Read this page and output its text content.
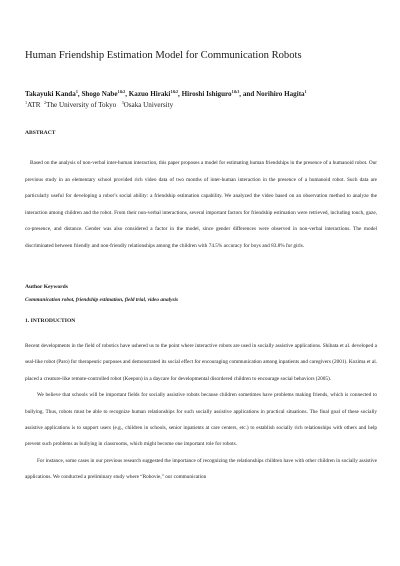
Human Friendship Estimation Model for Communication Robots
Takayuki Kanda$^1$, Shogo Nabe$^{1\&2}$, Kazuo Hiraki$^{1\&2}$, Hiroshi Ishiguro$^{1\&3}$, and Norihiro Hagita$^1$
$^1$ATR $^2$The University of Tokyo $^3$Osaka University
ABSTRACT

Based on the analysis of non-verbal inter-human interaction, this paper proposes a model for estimating human friendships in the presence of a humanoid robot. Our previous study in an elementary school provided rich video data of two months of inter-human interaction in the presence of a humanoid robot. Such data are particularly useful for developing a robot’s social ability: a friendship estimation capability. We analyzed the video based on an observation method to analyze the interaction among children and the robot. From their non-verbal interactions, several important factors for friendship estimation were retrieved, including touch, gaze, co-presence, and distance. Gender was also considered a factor in the model, since gender differences were observed in non-verbal interactions. The model discriminated between friendly and non-friendly relationships among the children with 74.5% accuracy for boys and 83.8% for girls.

Author Keywords
Communication robot, friendship estimation, field trial, video analysis
1. INTRODUCTION

Recent developments in the field of robotics have ushered us to the point where interactive robots are used in socially assistive applications. Shibata et al. developed a seal-like robot (Paro) for therapeutic purposes and demonstrated its social effect for encouraging communication among inpatients and caregivers (2001). Kozima et al. placed a creature-like remote-controlled robot (Keepon) in a daycare for developmental disordered children to encourage social behaviors (2005).

We believe that schools will be important fields for socially assistive robots because children sometimes have problems making friends, which is connected to bullying. Thus, robots must be able to recognize human relationships for such socially assistive applications in practical situations. The final goal of these socially assistive applications is to support users (e.g., children in schools, senior inpatients at care centers, etc.) to establish socially rich relationships with others and help prevent such problems as bullying in classrooms, which might become one important role for robots.

For instance, some cases in our previous research suggested the importance of recognizing the relationships children have with other children in socially assistive applications. We conducted a preliminary study where “Robovie,” our communication
